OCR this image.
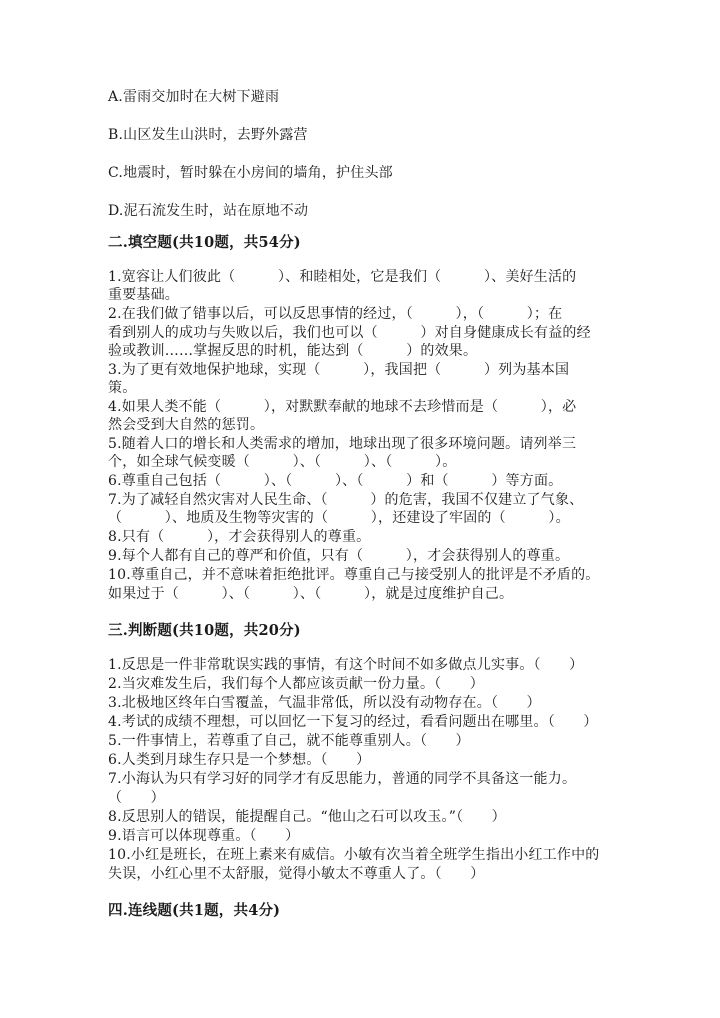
A.雷雨交加时在大树下避雨
B.山区发生山洪时，去野外露营
C.地震时，暂时躲在小房间的墙角，护住头部
D.泥石流发生时，站在原地不动
二.填空题(共10题，共54分)
1.宽容让人们彼此（　　　）、和睦相处，它是我们（　　　）、美好生活的
重要基础。
2.在我们做了错事以后，可以反思事情的经过，（　　　），（　　　）；在
看到别人的成功与失败以后，我们也可以（　　　）对自身健康成长有益的经
验或教训……掌握反思的时机，能达到（　　　）的效果。
3.为了更有效地保护地球，实现（　　　），我国把（　　　）列为基本国
策。
4.如果人类不能（　　　），对默默奉献的地球不去珍惜而是（　　　），必
然会受到大自然的惩罚。
5.随着人口的增长和人类需求的增加，地球出现了很多环境问题。请列举三
个，如全球气候变暖（　　　）、（　　　）、（　　　）。
6.尊重自己包括（　　　）、（　　　）、（　　　）和（　　　）等方面。
7.为了减轻自然灾害对人民生命、（　　　）的危害，我国不仅建立了气象、
（　　　）、地质及生物等灾害的（　　　），还建设了牢固的（　　　）。
8.只有（　　　），才会获得别人的尊重。
9.每个人都有自己的尊严和价值，只有（　　　），才会获得别人的尊重。
10.尊重自己，并不意味着拒绝批评。尊重自己与接受别人的批评是不矛盾的。
如果过于（　　　）、（　　　）、（　　　），就是过度维护自己。
三.判断题(共10题，共20分)
1.反思是一件非常耽误实践的事情，有这个时间不如多做点儿实事。（　　）
2.当灾难发生后，我们每个人都应该贡献一份力量。（　　）
3.北极地区终年白雪覆盖，气温非常低，所以没有动物存在。（　　）
4.考试的成绩不理想，可以回忆一下复习的经过，看看问题出在哪里。（　　）
5.一件事情上，若尊重了自己，就不能尊重别人。（　　）
6.人类到月球生存只是一个梦想。（　　）
7.小海认为只有学习好的同学才有反思能力，普通的同学不具备这一能力。
（　　）
8.反思别人的错误，能提醒自己。“他山之石可以攻玉。”（　　）
9.语言可以体现尊重。（　　）
10.小红是班长，在班上素来有威信。小敏有次当着全班学生指出小红工作中的
失误，小红心里不太舒服，觉得小敏太不尊重人了。（　　）
四.连线题(共1题，共4分)
